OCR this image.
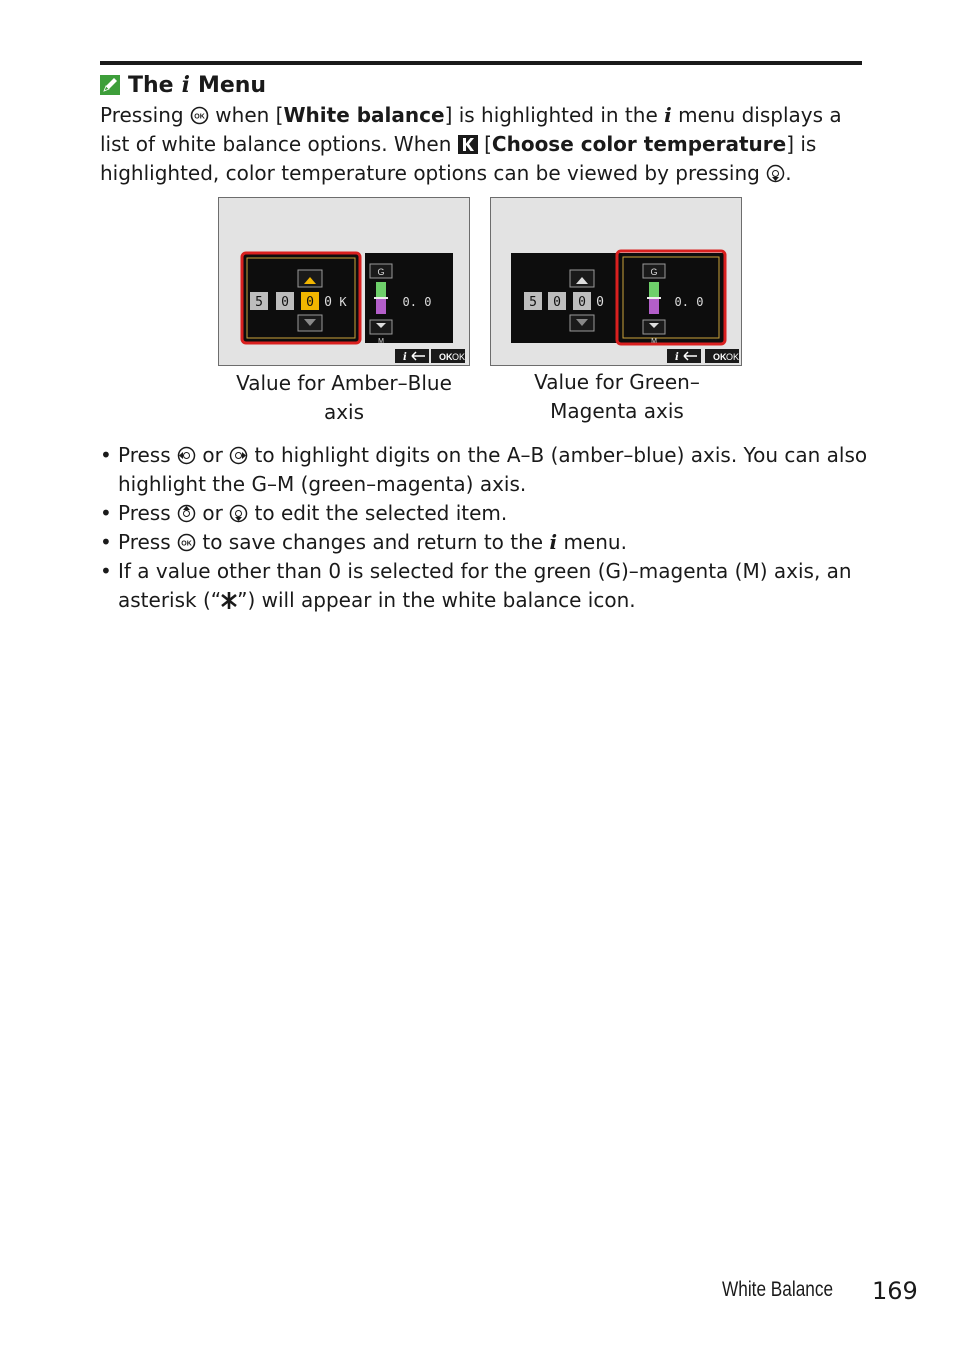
The i Menu
Pressing OK when [White balance] is highlighted in the i menu displays a list of white balance options. When [Choose color temperature] is highlighted, color temperature options can be viewed by pressing .
5 0 0 0 K
G
M
0. 0
i	OK OK
5 0 0 0
G
M
0. 0
i	OK OK
Value for Amber–Blue
axis
Value for Green–
Magenta axis
• Press or to highlight digits on the A–B (amber–blue) axis. You can also highlight the G–M (green–magenta) axis.
• Press or to edit the selected item.
• Press OK to save changes and return to the i menu.
• If a value other than 0 is selected for the green (G)–magenta (M) axis, an asterisk (“ ”) will appear in the white balance icon.
White Balance 169
